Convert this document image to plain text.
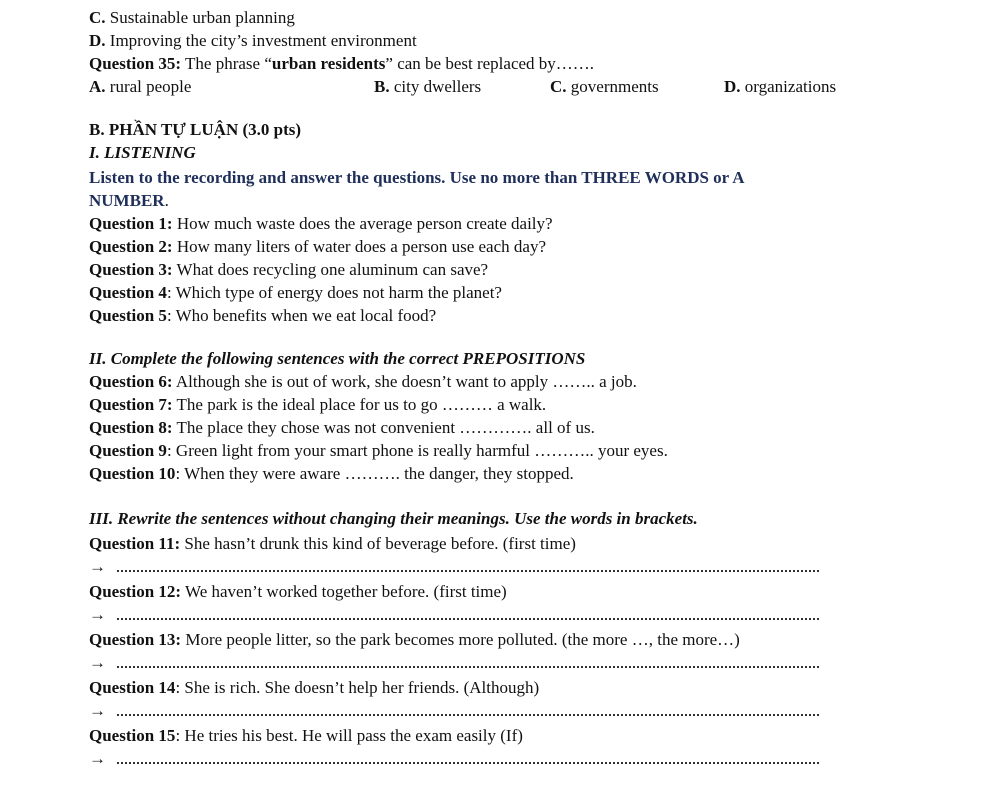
C. Sustainable urban planning
D. Improving the city’s investment environment
Question 35: The phrase “urban residents” can be best replaced by…….
A. rural people	B. city dwellers	C. governments	D. organizations
B. PHẦN TỰ LUẬN (3.0 pts)
I. LISTENING
Listen to the recording and answer the questions. Use no more than THREE WORDS or A
NUMBER.
Question 1: How much waste does the average person create daily?
Question 2: How many liters of water does a person use each day?
Question 3: What does recycling one aluminum can save?
Question 4: Which type of energy does not harm the planet?
Question 5: Who benefits when we eat local food?
II. Complete the following sentences with the correct PREPOSITIONS
Question 6: Although she is out of work, she doesn’t want to apply …….. a job.
Question 7: The park is the ideal place for us to go ……… a walk.
Question 8: The place they chose was not convenient …………. all of us.
Question 9: Green light from your smart phone is really harmful ……….. your eyes.
Question 10: When they were aware ………. the danger, they stopped.
III. Rewrite the sentences without changing their meanings. Use the words in brackets.
Question 11: She hasn’t drunk this kind of beverage before. (first time)
→
Question 12: We haven’t worked together before. (first time)
→
Question 13: More people litter, so the park becomes more polluted. (the more …, the more…)
→
Question 14: She is rich. She doesn’t help her friends. (Although)
→
Question 15: He tries his best. He will pass the exam easily (If)
→
